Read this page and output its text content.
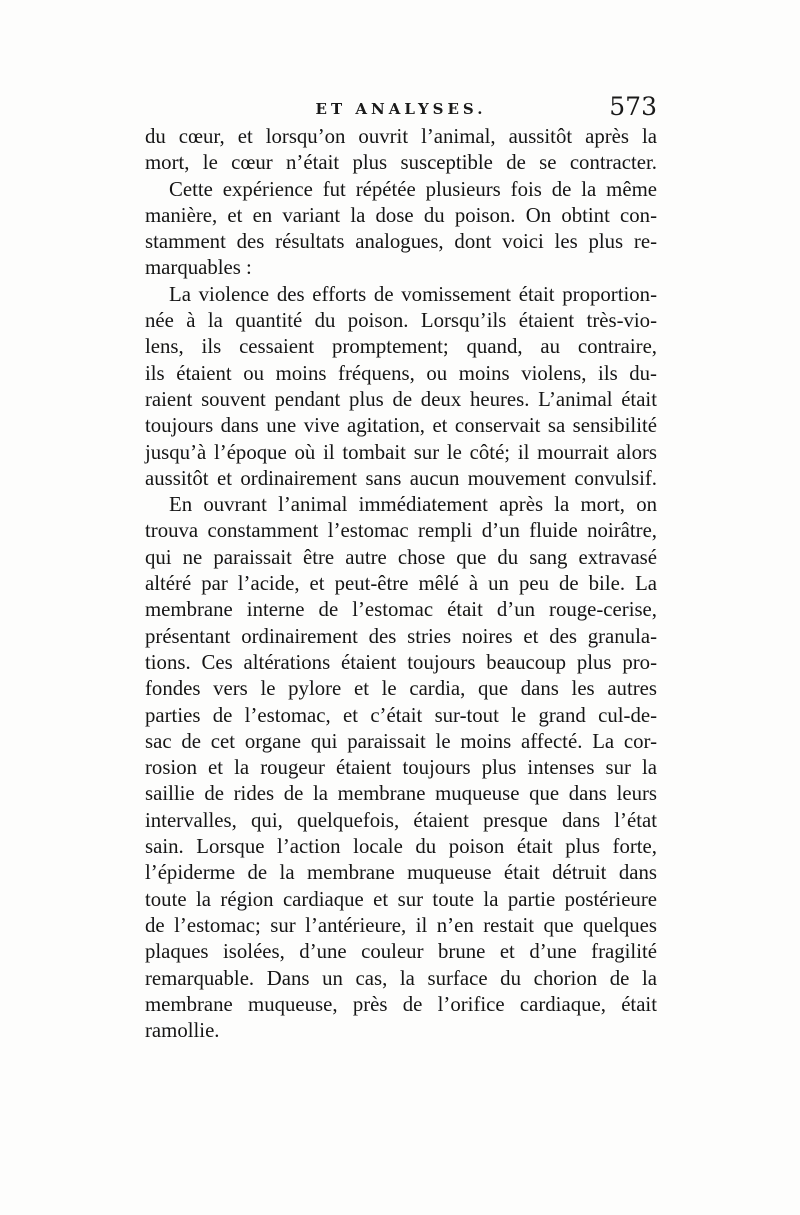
ET ANALYSES.	573
du cœur, et lorsqu’on ouvrit l’animal, aussitôt après la
mort, le cœur n’était plus susceptible de se contracter.
Cette expérience fut répétée plusieurs fois de la même
manière, et en variant la dose du poison. On obtint con-
stamment des résultats analogues, dont voici les plus re-
marquables :
La violence des efforts de vomissement était proportion-
née à la quantité du poison. Lorsqu’ils étaient très-vio-
lens, ils cessaient promptement; quand, au contraire,
ils étaient ou moins fréquens, ou moins violens, ils du-
raient souvent pendant plus de deux heures. L’animal était
toujours dans une vive agitation, et conservait sa sensibilité
jusqu’à l’époque où il tombait sur le côté; il mourrait alors
aussitôt et ordinairement sans aucun mouvement convulsif.
En ouvrant l’animal immédiatement après la mort, on
trouva constamment l’estomac rempli d’un fluide noirâtre,
qui ne paraissait être autre chose que du sang extravasé
altéré par l’acide, et peut-être mêlé à un peu de bile. La
membrane interne de l’estomac était d’un rouge-cerise,
présentant ordinairement des stries noires et des granula-
tions. Ces altérations étaient toujours beaucoup plus pro-
fondes vers le pylore et le cardia, que dans les autres
parties de l’estomac, et c’était sur-tout le grand cul-de-
sac de cet organe qui paraissait le moins affecté. La cor-
rosion et la rougeur étaient toujours plus intenses sur la
saillie de rides de la membrane muqueuse que dans leurs
intervalles, qui, quelquefois, étaient presque dans l’état
sain. Lorsque l’action locale du poison était plus forte,
l’épiderme de la membrane muqueuse était détruit dans
toute la région cardiaque et sur toute la partie postérieure
de l’estomac; sur l’antérieure, il n’en restait que quelques
plaques isolées, d’une couleur brune et d’une fragilité
remarquable. Dans un cas, la surface du chorion de la
membrane muqueuse, près de l’orifice cardiaque, était
ramollie.
